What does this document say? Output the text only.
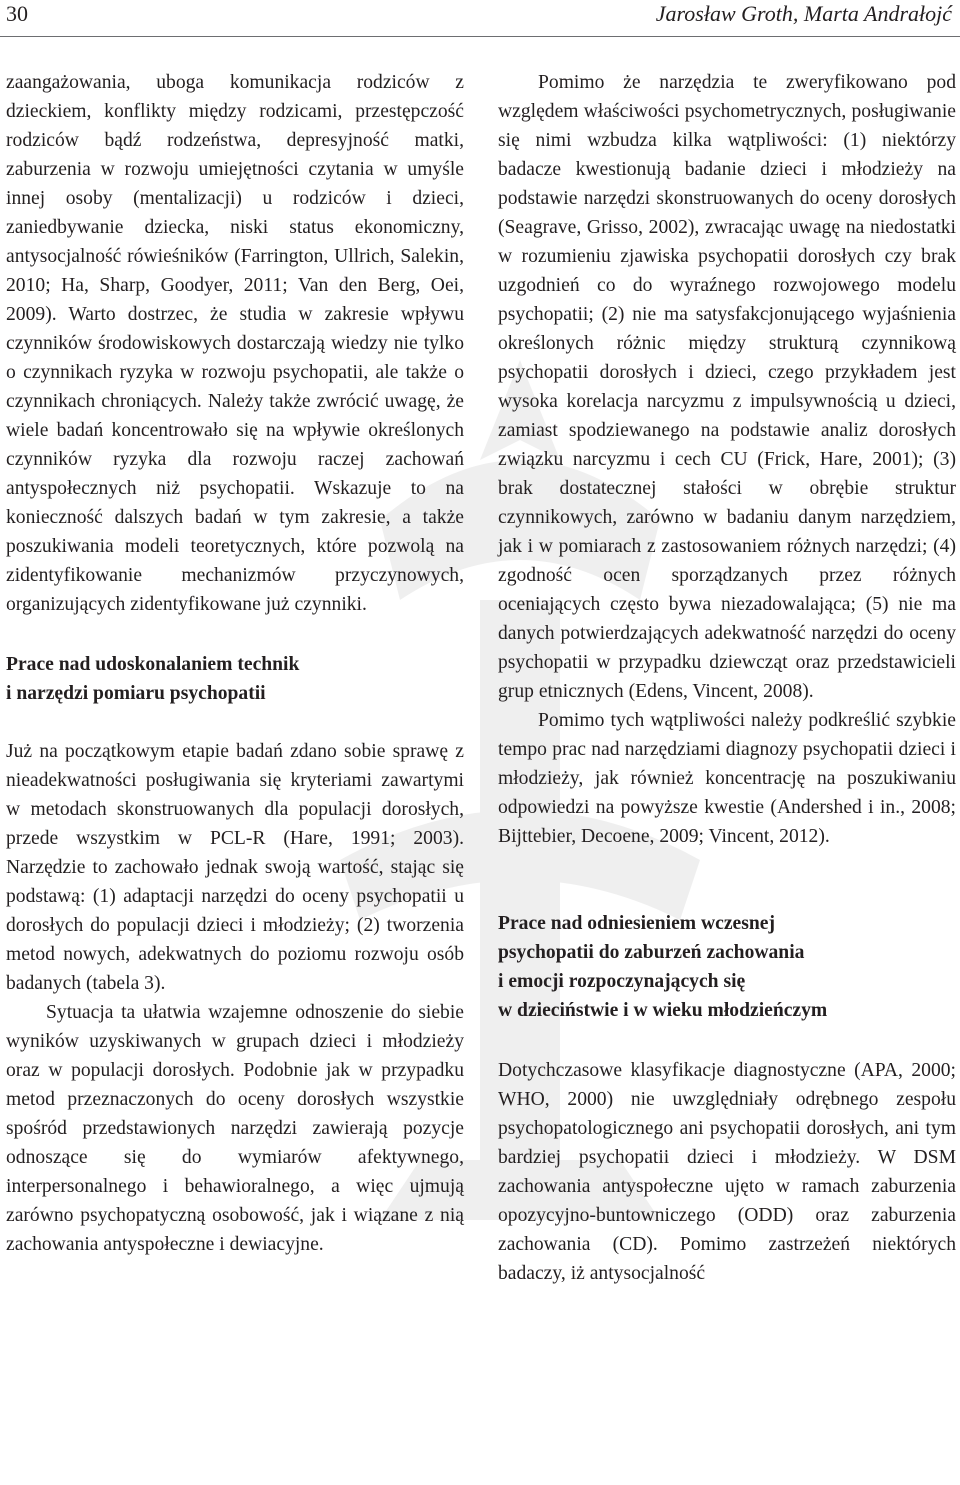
30	Jarosław Groth, Marta Andrałojć

zaangażowania, uboga komunikacja rodziców z dzieckiem, konflikty między rodzicami, przestępczość rodziców bądź rodzeństwa, depresyjność matki, zaburzenia w rozwoju umiejętności czytania w umyśle innej osoby (mentalizacji) u rodziców i dzieci, zaniedbywanie dziecka, niski status ekonomiczny, antysocjalność rówieśników (Farrington, Ullrich, Salekin, 2010; Ha, Sharp, Goodyer, 2011; Van den Berg, Oei, 2009). Warto dostrzec, że studia w zakresie wpływu czynników środowiskowych dostarczają wiedzy nie tylko o czynnikach ryzyka w rozwoju psychopatii, ale także o czynnikach chroniących. Należy także zwrócić uwagę, że wiele badań koncentrowało się na wpływie określonych czynników ryzyka dla rozwoju raczej zachowań antyspołecznych niż psychopatii. Wskazuje to na konieczność dalszych badań w tym zakresie, a także poszukiwania modeli teoretycznych, które pozwolą na zidentyfikowanie mechanizmów przyczynowych, organizujących zidentyfikowane już czynniki.

Prace nad udoskonalaniem technik
i narzędzi pomiaru psychopatii

Już na początkowym etapie badań zdano sobie sprawę z nieadekwatności posługiwania się kryteriami zawartymi w metodach skonstruowanych dla populacji dorosłych, przede wszystkim w PCL-R (Hare, 1991; 2003). Narzędzie to zachowało jednak swoją wartość, stając się podstawą: (1) adaptacji narzędzi do oceny psychopatii u dorosłych do populacji dzieci i młodzieży; (2) tworzenia metod nowych, adekwatnych do poziomu rozwoju osób badanych (tabela 3).

Sytuacja ta ułatwia wzajemne odnoszenie do siebie wyników uzyskiwanych w grupach dzieci i młodzieży oraz w populacji dorosłych. Podobnie jak w przypadku metod przeznaczonych do oceny dorosłych wszystkie spośród przedstawionych narzędzi zawierają pozycje odnoszące się do wymiarów afektywnego, interpersonalnego i behawioralnego, a więc ujmują zarówno psychopatyczną osobowość, jak i wiązane z nią zachowania antyspołeczne i dewiacyjne.

Pomimo że narzędzia te zweryfikowano pod względem właściwości psychometrycznych, posługiwanie się nimi wzbudza kilka wątpliwości: (1) niektórzy badacze kwestionują badanie dzieci i młodzieży na podstawie narzędzi skonstruowanych do oceny dorosłych (Seagrave, Grisso, 2002), zwracając uwagę na niedostatki w rozumieniu zjawiska psychopatii dorosłych czy brak uzgodnień co do wyraźnego rozwojowego modelu psychopatii; (2) nie ma satysfakcjonującego wyjaśnienia określonych różnic między strukturą czynnikową psychopatii dorosłych i dzieci, czego przykładem jest wysoka korelacja narcyzmu z impulsywnością u dzieci, zamiast spodziewanego na podstawie analiz dorosłych związku narcyzmu i cech CU (Frick, Hare, 2001); (3) brak dostatecznej stałości w obrębie struktur czynnikowych, zarówno w badaniu danym narzędziem, jak i w pomiarach z zastosowaniem różnych narzędzi; (4) zgodność ocen sporządzanych przez różnych oceniających często bywa niezadowalająca; (5) nie ma danych potwierdzających adekwatność narzędzi do oceny psychopatii w przypadku dziewcząt oraz przedstawicieli grup etnicznych (Edens, Vincent, 2008).

Pomimo tych wątpliwości należy podkreślić szybkie tempo prac nad narzędziami diagnozy psychopatii dzieci i młodzieży, jak również koncentrację na poszukiwaniu odpowiedzi na powyższe kwestie (Andershed i in., 2008; Bijttebier, Decoene, 2009; Vincent, 2012).

Prace nad odniesieniem wczesnej
psychopatii do zaburzeń zachowania
i emocji rozpoczynających się
w dzieciństwie i w wieku młodzieńczym

Dotychczasowe klasyfikacje diagnostyczne (APA, 2000; WHO, 2000) nie uwzględniały odrębnego zespołu psychopatologicznego ani psychopatii dorosłych, ani tym bardziej psychopatii dzieci i młodzieży. W DSM zachowania antyspołeczne ujęto w ramach zaburzenia opozycyjno-buntowniczego (ODD) oraz zaburzenia zachowania (CD). Pomimo zastrzeżeń niektórych badaczy, iż antysocjalność
